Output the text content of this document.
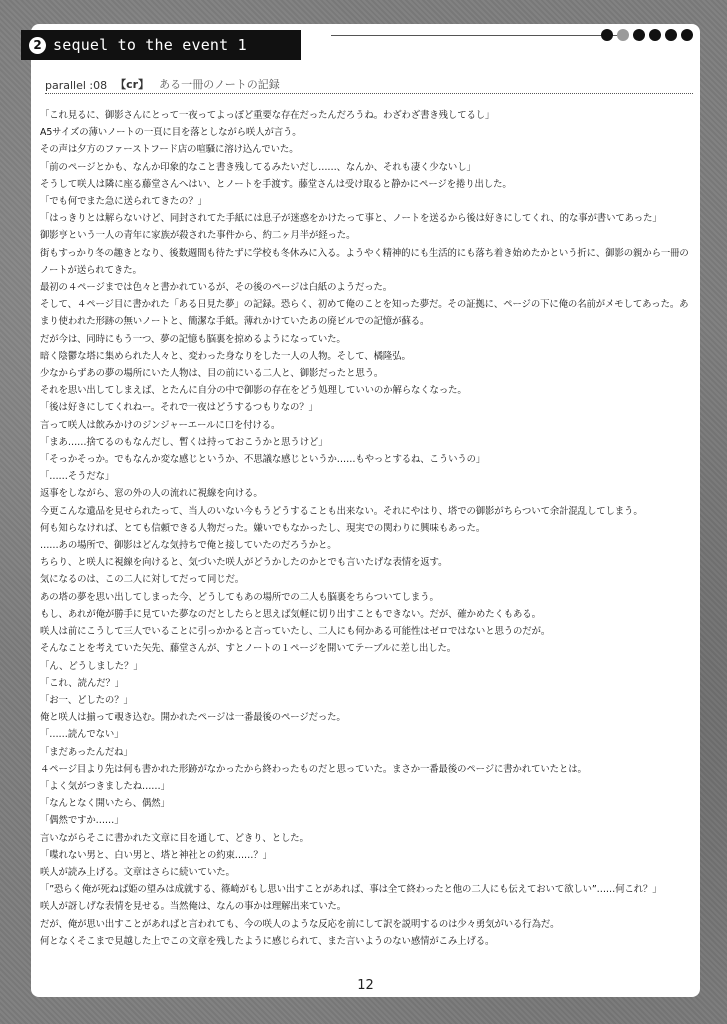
2 sequel to the event 1
parallel :08 【cr】 ある一冊のノートの記録

「これ見るに、御影さんにとって一夜ってよっぽど重要な存在だったんだろうね。わざわざ書き残してるし」

A5サイズの薄いノートの一頁に目を落としながら咲人が言う。

その声は夕方のファーストフード店の喧騒に溶け込んでいた。

「前のページとかも、なんか印象的なこと書き残してるみたいだし……、なんか、それも凄く少ないし」

そうして咲人は隣に座る藤堂さんへはい、とノートを手渡す。藤堂さんは受け取ると静かにページを捲り出した。

「でも何でまた急に送られてきたの？」

「はっきりとは解らないけど、同封されてた手紙には息子が迷惑をかけたって事と、ノートを送るから後は好きにしてくれ、的な事が書いてあった」

御影亨という一人の青年に家族が殺された事件から、約二ヶ月半が経った。

街もすっかり冬の趣きとなり、後数週間も待たずに学校も冬休みに入る。ようやく精神的にも生活的にも落ち着き始めたかという折に、御影の親から一冊のノートが送られてきた。

最初の４ページまでは色々と書かれているが、その後のページは白紙のようだった。

そして、４ページ目に書かれた「ある日見た夢」の記録。恐らく、初めて俺のことを知った夢だ。その証拠に、ページの下に俺の名前がメモしてあった。あまり使われた形跡の無いノートと、簡潔な手紙。薄れかけていたあの廃ビルでの記憶が蘇る。

だが今は、同時にもう一つ、夢の記憶も脳裏を掠めるようになっていた。

暗く陰鬱な塔に集められた人々と、変わった身なりをした一人の人物。そして、橘隆弘。

少なからずあの夢の場所にいた人物は、目の前にいる二人と、御影だったと思う。

それを思い出してしまえば、とたんに自分の中で御影の存在をどう処理していいのか解らなくなった。

「後は好きにしてくれねー。それで一夜はどうするつもりなの？」

言って咲人は飲みかけのジンジャーエールに口を付ける。

「まあ……捨てるのもなんだし、暫くは持っておこうかと思うけど」

「そっかそっか。でもなんか変な感じというか、不思議な感じというか……もやっとするね、こういうの」

「……そうだな」

返事をしながら、窓の外の人の流れに視線を向ける。

今更こんな遺品を見せられたって、当人のいない今もうどうすることも出来ない。それにやはり、塔での御影がちらついて余計混乱してしまう。

何も知らなければ、とても信頼できる人物だった。嫌いでもなかったし、現実での関わりに興味もあった。

……あの場所で、御影はどんな気持ちで俺と接していたのだろうかと。

ちらり、と咲人に視線を向けると、気づいた咲人がどうかしたのかとでも言いたげな表情を返す。

気になるのは、この二人に対してだって同じだ。

あの塔の夢を思い出してしまった今、どうしてもあの場所での二人も脳裏をちらついてしまう。

もし、あれが俺が勝手に見ていた夢なのだとしたらと思えば気軽に切り出すこともできない。だが、確かめたくもある。

咲人は前にこうして三人でいることに引っかかると言っていたし、二人にも何かある可能性はゼロではないと思うのだが。

そんなことを考えていた矢先、藤堂さんが、すとノートの１ページを開いてテーブルに差し出した。

「ん、どうしました？」

「これ、読んだ？」

「お一、どしたの？」

俺と咲人は揃って覗き込む。開かれたページは一番最後のページだった。

「……読んでない」

「まだあったんだね」

４ページ目より先は何も書かれた形跡がなかったから終わったものだと思っていた。まさか一番最後のページに書かれていたとは。

「よく気がつきましたね……」

「なんとなく開いたら、偶然」

「偶然ですか……」

言いながらそこに書かれた文章に目を通して、どきり、とした。

「喋れない男と、白い男と、塔と神社との約束……？」

咲人が読み上げる。文章はさらに続いていた。

「”恐らく俺が死ねば姫の望みは成就する、篠崎がもし思い出すことがあれば、事は全て終わったと他の二人にも伝えておいて欲しい”……何これ？」

咲人が訝しげな表情を見せる。当然俺は、なんの事かは理解出来ていた。

だが、俺が思い出すことがあればと言われても、今の咲人のような反応を前にして訳を説明するのは少々勇気がいる行為だ。

何となくそこまで見越した上でこの文章を残したように感じられて、また言いようのない感情がこみ上げる。

12
